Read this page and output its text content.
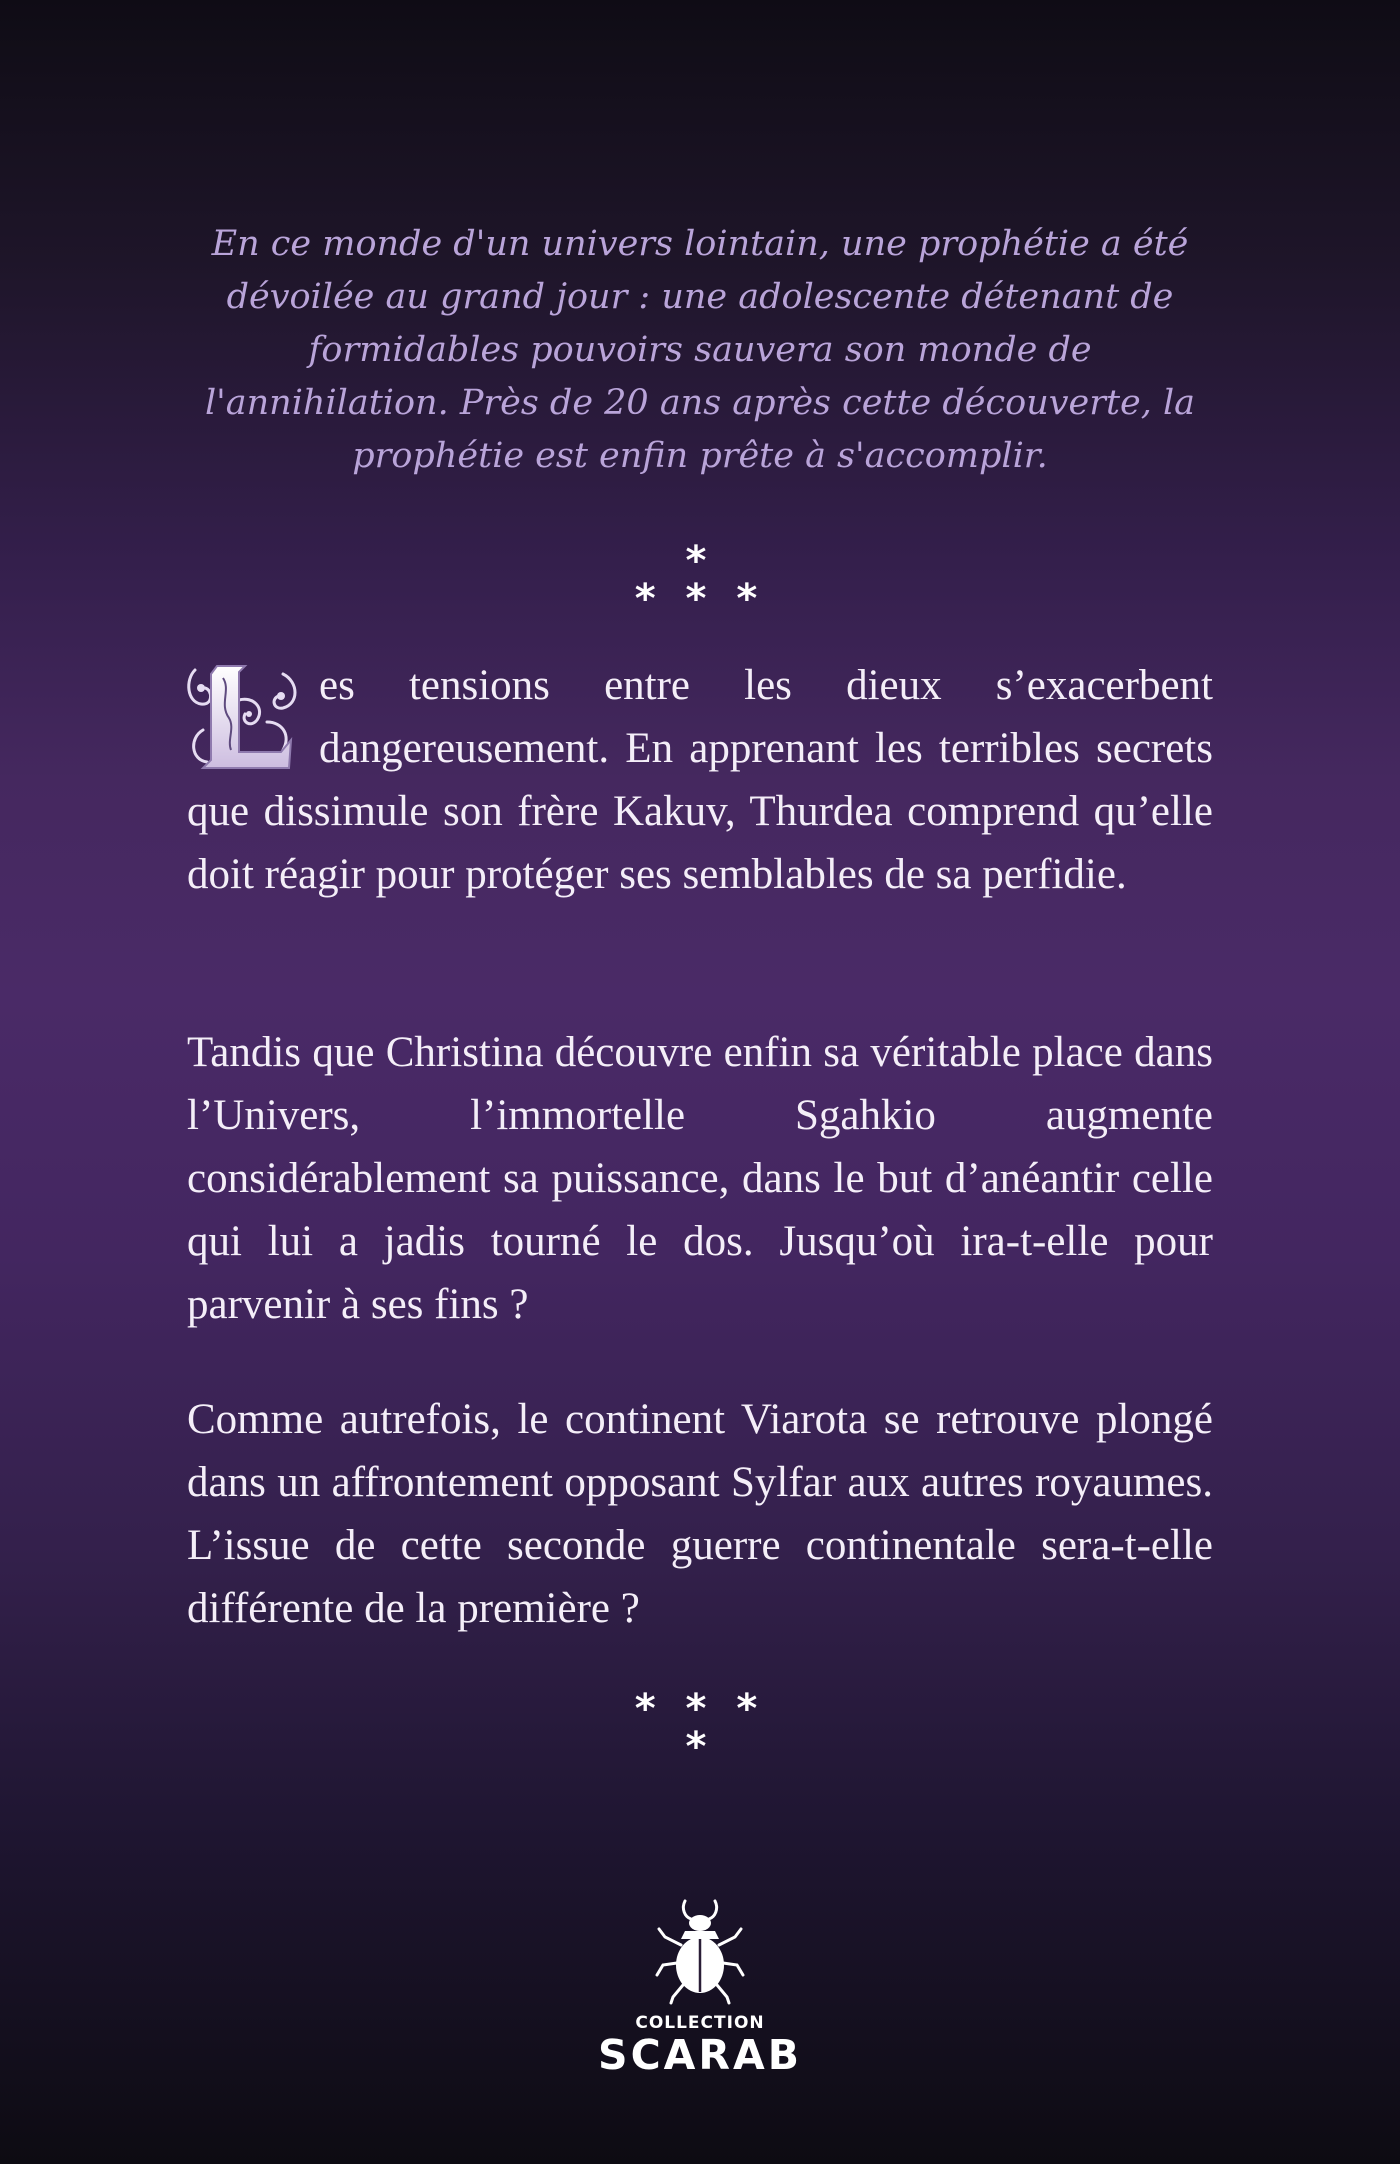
En ce monde d'un univers lointain, une prophétie a été dévoilée au grand jour : une adolescente détenant de formidables pouvoirs sauvera son monde de l'annihilation. Près de 20 ans après cette découverte, la prophétie est enfin prête à s'accomplir.

*
* * *

es tensions entre les dieux s’exacerbent dangereusement. En apprenant les terribles secrets que dissimule son frère Kakuv, Thurdea comprend qu’elle doit réagir pour protéger ses semblables de sa perfidie.

Tandis que Christina découvre enfin sa véritable place dans l’Univers, l’immortelle Sgahkio augmente considérablement sa puissance, dans le but d’anéantir celle qui lui a jadis tourné le dos. Jusqu’où ira-t-elle pour parvenir à ses fins ?

Comme autrefois, le continent Viarota se retrouve plongé dans un affrontement opposant Sylfar aux autres royaumes. L’issue de cette seconde guerre continentale sera-t-elle différente de la première ?

* * *
*
COLLECTION
SCARAB
